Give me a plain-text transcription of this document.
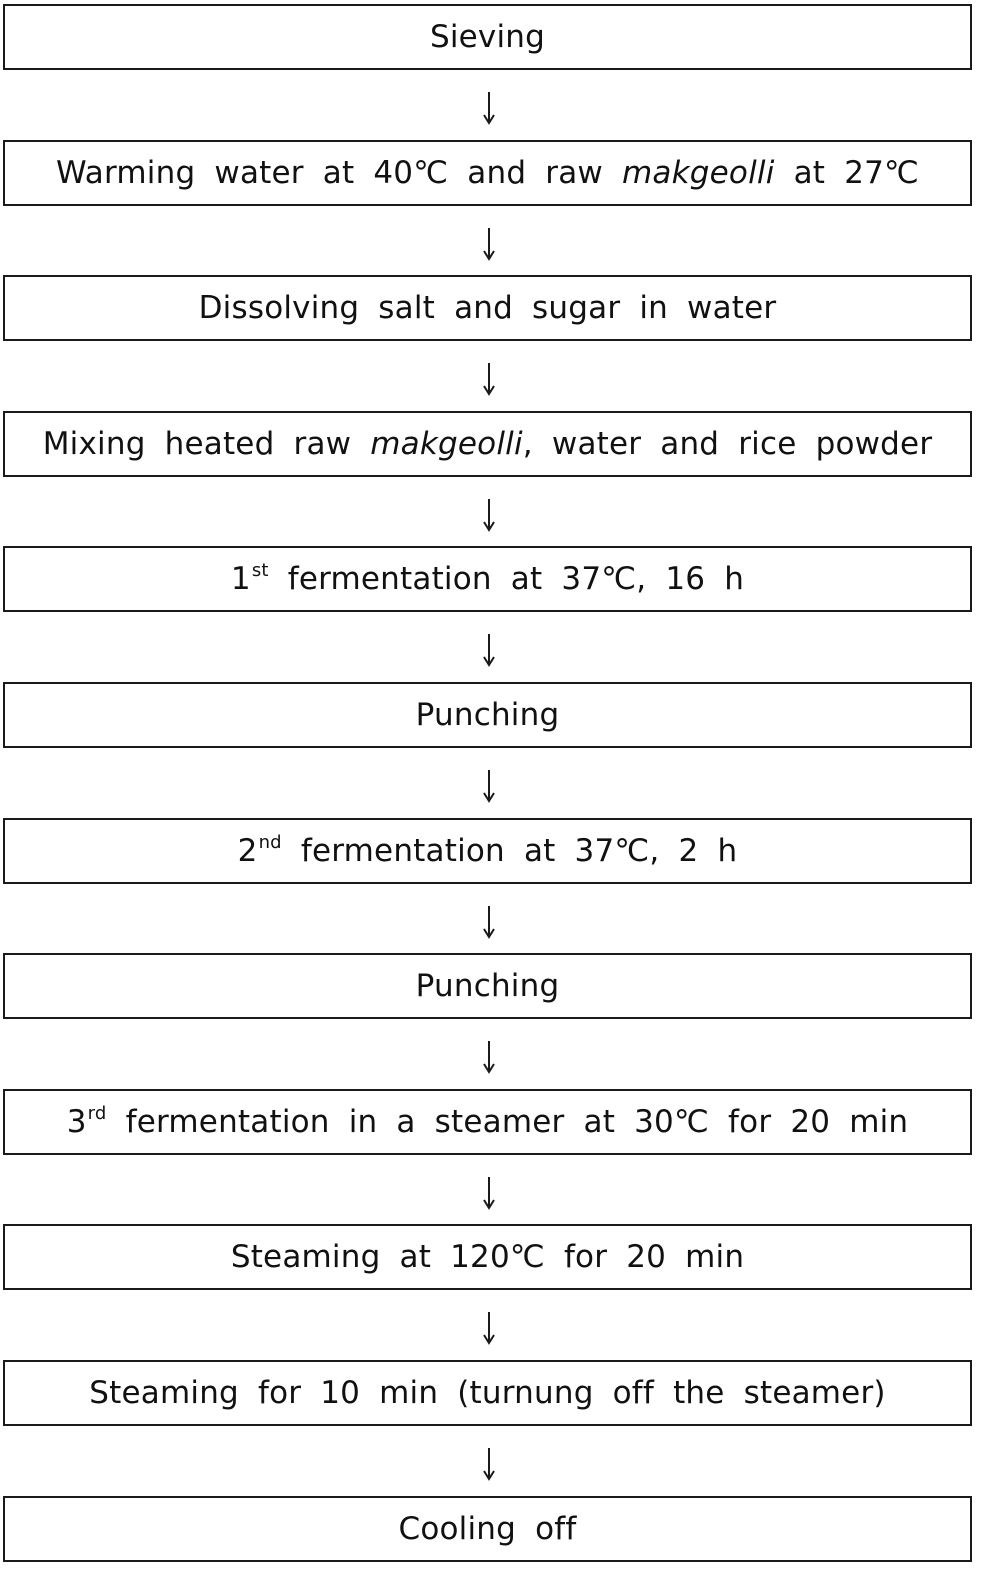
Sieving
Warming water at 40℃ and raw makgeolli at 27℃
Dissolving salt and sugar in water
Mixing heated raw makgeolli, water and rice powder
1st fermentation at 37℃, 16 h
Punching
2nd fermentation at 37℃, 2 h
Punching
3rd fermentation in a steamer at 30℃ for 20 min
Steaming at 120℃ for 20 min
Steaming for 10 min (turnung off the steamer)
Cooling off
